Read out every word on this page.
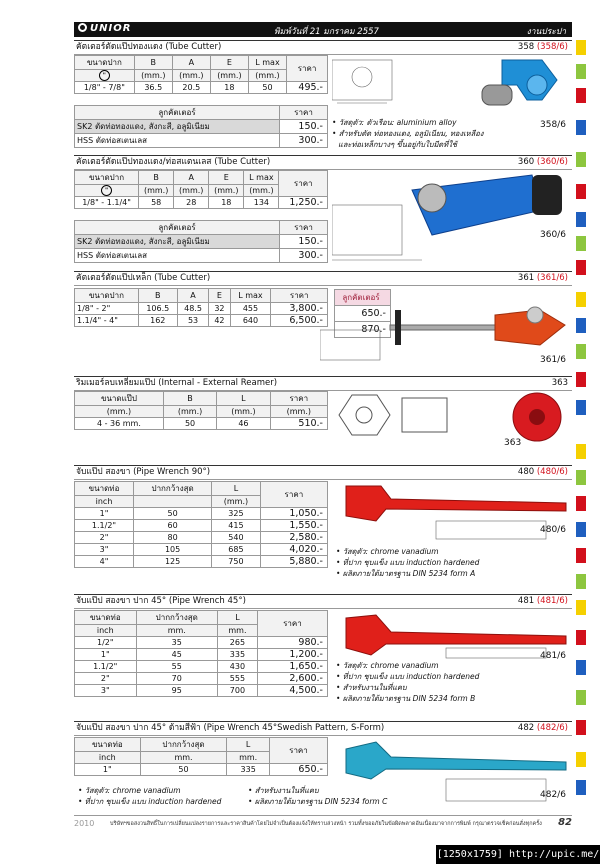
UNIOR	พิมพ์วันที่ 21 มกราคม 2557	งานประปา
คัตเตอร์ตัดแป๊ปทองแดง (Tube Cutter)	358 (358/6)
ขนาดปาก	B	A	E	L max	ราคา
"	(mm.)	(mm.)	(mm.)	(mm.)	
1/8" - 7/8"	36.5	20.5	18	50	495.-
ลูกคัตเตอร์	ราคา
SK2 ตัดท่อทองแดง, สังกะสี, อลูมิเนียม	150.-
HSS ตัดท่อสเตนเลส	300.-
• วัสดุตัว: ตัวเรือน: aluminium alloy
• สำหรับตัด ท่อทองแดง, อลูมิเนียม, ทองเหลือง
และท่อเหล็กบางๆ ขึ้นอยู่กับใบมีดที่ใช้
358/6
คัตเตอร์ตัดแป๊ปทองแดง/ท่อสแตนเลส (Tube Cutter)	360 (360/6)
ขนาดปาก	B	A	E	L max	ราคา
"	(mm.)	(mm.)	(mm.)	(mm.)	
1/8" - 1.1/4"	58	28	18	134	1,250.-
ลูกคัตเตอร์	ราคา
SK2 ตัดท่อทองแดง, สังกะสี, อลูมิเนียม	150.-
HSS ตัดท่อสเตนเลส	300.-
360/6
คัตเตอร์ตัดแป๊ปเหล็ก (Tube Cutter)	361 (361/6)
ขนาดปาก	B	A	E	L max	ราคา
1/8" - 2"	106.5	48.5	32	455	3,800.-
1.1/4" - 4"	162	53	42	640	6,500.-
ลูกคัตเตอร์
650.-
870.-
361/6
ริมเมอร์ลบเหลี่ยมแป๊ป (Internal - External Reamer)	363
ขนาดแป๊ป	B	L	ราคา
(mm.)	(mm.)	(mm.)	(mm.)
4 - 36 mm.	50	46	510.-
363
จับแป๊ป สองขา (Pipe Wrench 90°)	480 (480/6)
ขนาดท่อ	ปากกว้างสุด	L	ราคา
inch		(mm.)	
1"	50	325	1,050.-
1.1/2"	60	415	1,550.-
2"	80	540	2,580.-
3"	105	685	4,020.-
4"	125	750	5,880.-
• วัสดุตัว: chrome vanadium
• ที่ปาก ชุบแข็ง แบบ induction hardened
• ผลิตภายใต้มาตรฐาน DIN 5234 form A
480/6
จับแป๊ป สองขา ปาก 45° (Pipe Wrench 45°)	481 (481/6)
ขนาดท่อ	ปากกว้างสุด	L	ราคา
inch	mm.	mm.	
1/2"	35	265	980.-
1"	45	335	1,200.-
1.1/2"	55	430	1,650.-
2"	70	555	2,600.-
3"	95	700	4,500.-
• วัสดุตัว: chrome vanadium
• ที่ปาก ชุบแข็ง แบบ induction hardened
• สำหรับงานในที่แคบ
• ผลิตภายใต้มาตรฐาน DIN 5234 form B
481/6
จับแป๊ป สองขา ปาก 45° ด้ามสีฟ้า (Pipe Wrench 45°Swedish Pattern, S-Form)	482 (482/6)
ขนาดท่อ	ปากกว้างสุด	L	ราคา
inch	mm.	mm.	
1"	50	335	650.-
• วัสดุตัว: chrome vanadium
• ที่ปาก ชุบแข็ง แบบ induction hardened
• สำหรับงานในที่แคบ
• ผลิตภายใต้มาตรฐาน DIN 5234 form C
482/6
2010	บริษัทฯขอสงวนสิทธิ์ในการเปลี่ยนแปลงรายการและราคาสินค้าโดยไม่จำเป็นต้องแจ้งให้ทราบล่วงหน้า รวมทั้งขออภัยในข้อผิดพลาดอันเนื่องมาจากการพิมพ์ กรุณาตรวจเช็คก่อนสั่งทุกครั้ง 82
[1250x1759] http://upic.me/
